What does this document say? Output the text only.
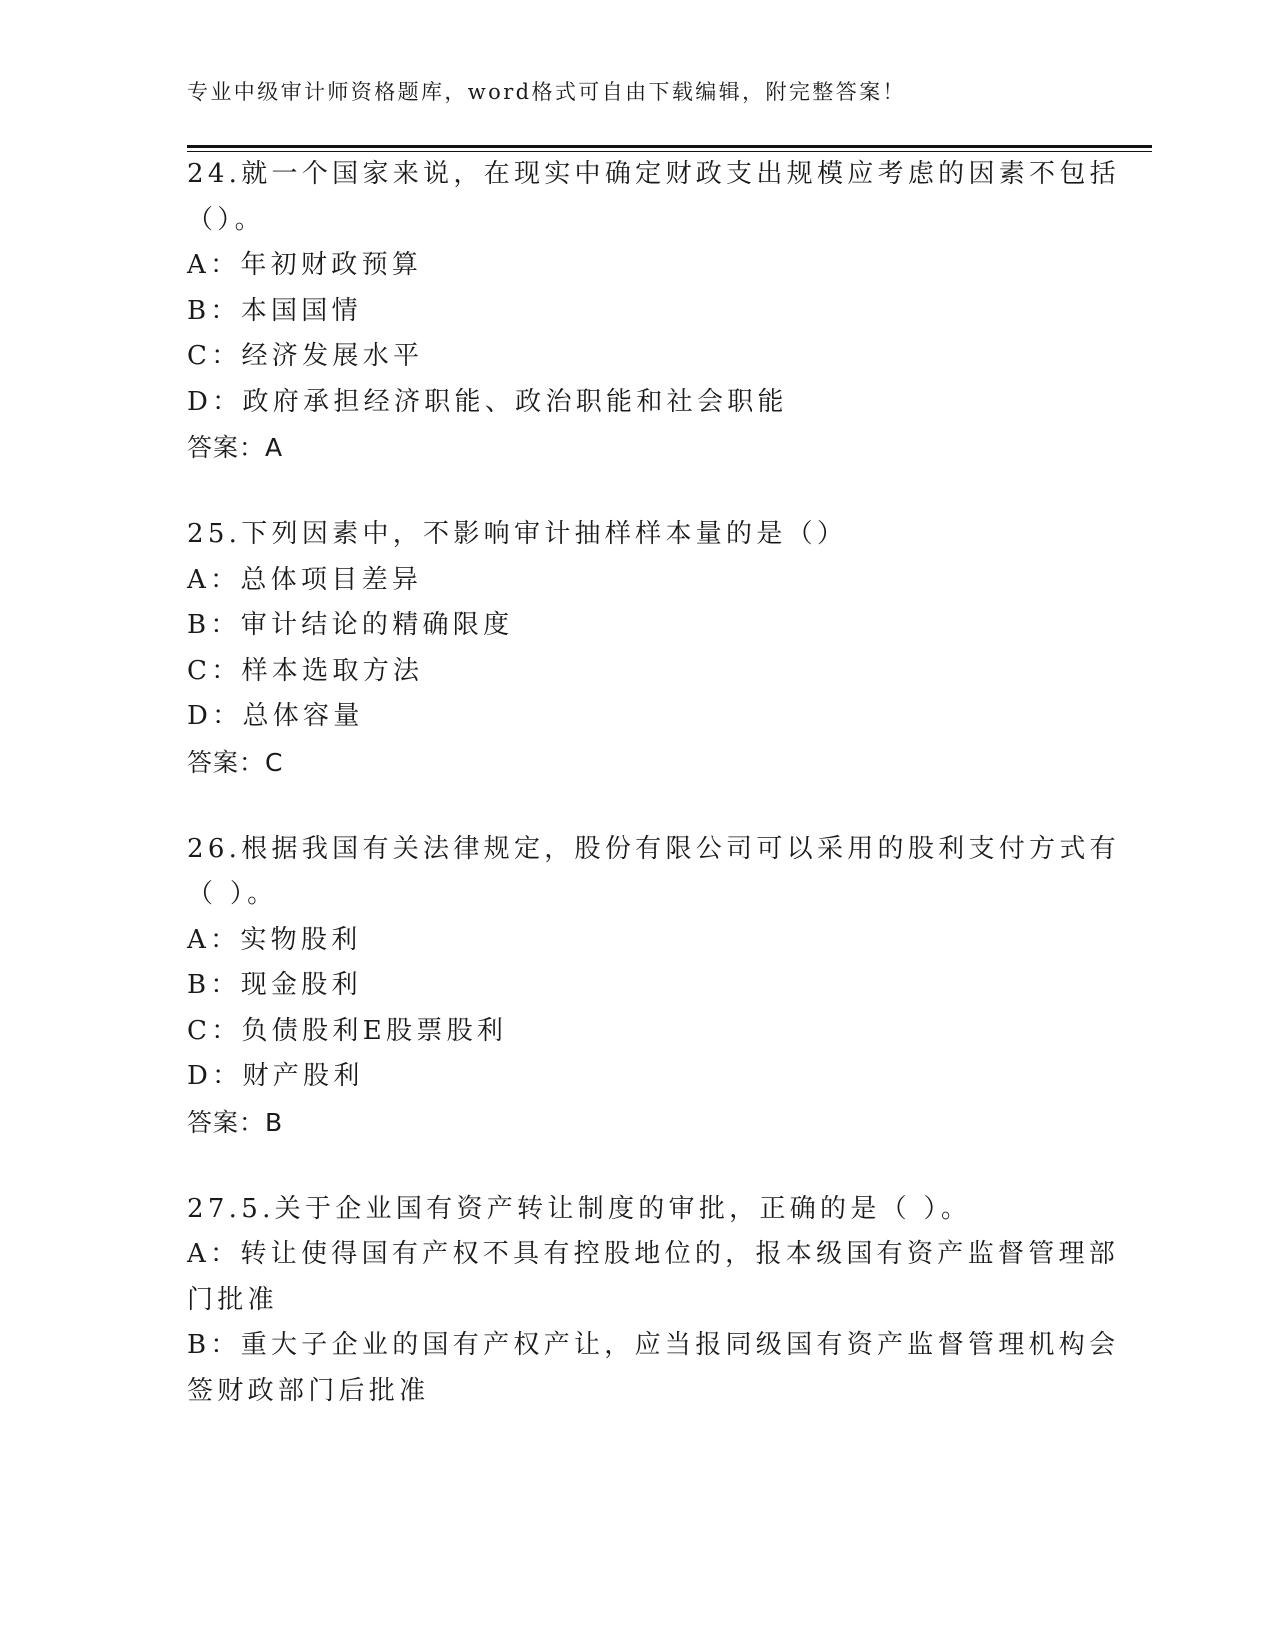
专业中级审计师资格题库，word格式可自由下载编辑，附完整答案！
24.就一个国家来说，在现实中确定财政支出规模应考虑的因素不包括
（）。
A：年初财政预算
B：本国国情
C：经济发展水平
D：政府承担经济职能、政治职能和社会职能
答案：A
25.下列因素中，不影响审计抽样样本量的是（）
A：总体项目差异
B：审计结论的精确限度
C：样本选取方法
D：总体容量
答案：C
26.根据我国有关法律规定，股份有限公司可以采用的股利支付方式有
（ ）。
A：实物股利
B：现金股利
C：负债股利E股票股利
D：财产股利
答案：B
27.5.关于企业国有资产转让制度的审批，正确的是（ ）。
A：转让使得国有产权不具有控股地位的，报本级国有资产监督管理部
门批准
B：重大子企业的国有产权产让，应当报同级国有资产监督管理机构会
签财政部门后批准
